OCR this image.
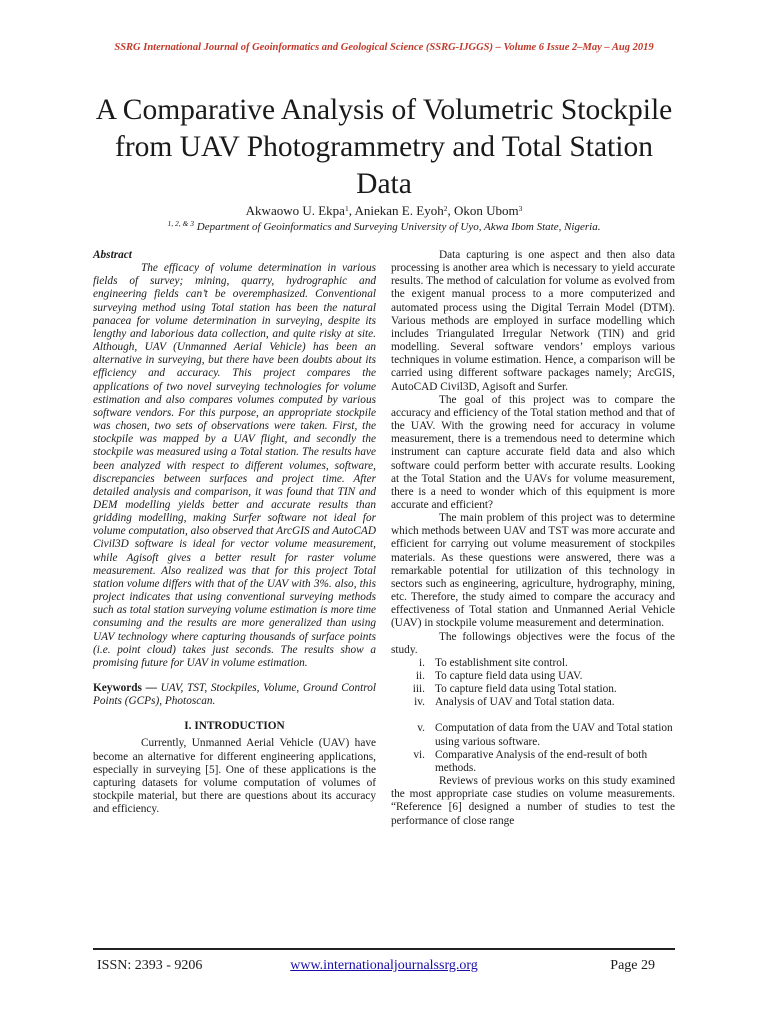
SSRG International Journal of Geoinformatics and Geological Science (SSRG-IJGGS) – Volume 6 Issue 2–May – Aug 2019
A Comparative Analysis of Volumetric Stockpile from UAV Photogrammetry and Total Station Data
Akwaowo U. Ekpa$^1$, Aniekan E. Eyoh$^2$, Okon Ubom$^3$
$^{1, 2, \& 3}$ Department of Geoinformatics and Surveying University of Uyo, Akwa Ibom State, Nigeria.

Abstract

The efficacy of volume determination in various fields of survey; mining, quarry, hydrographic and engineering fields can’t be overemphasized. Conventional surveying method using Total station has been the natural panacea for volume determination in surveying, despite its lengthy and laborious data collection, and quite risky at site. Although, UAV (Unmanned Aerial Vehicle) has been an alternative in surveying, but there have been doubts about its efficiency and accuracy. This project compares the applications of two novel surveying technologies for volume estimation and also compares volumes computed by various software vendors. For this purpose, an appropriate stockpile was chosen, two sets of observations were taken. First, the stockpile was mapped by a UAV flight, and secondly the stockpile was measured using a Total station. The results have been analyzed with respect to different volumes, software, discrepancies between surfaces and project time. After detailed analysis and comparison, it was found that TIN and DEM modelling yields better and accurate results than gridding modelling, making Surfer software not ideal for volume computation, also observed that ArcGIS and AutoCAD Civil3D software is ideal for vector volume measurement, while Agisoft gives a better result for raster volume measurement. Also realized was that for this project Total station volume differs with that of the UAV with 3%. also, this project indicates that using conventional surveying methods such as total station surveying volume estimation is more time consuming and the results are more generalized than using UAV technology where capturing thousands of surface points (i.e. point cloud) takes just seconds. The results show a promising future for UAV in volume estimation.

Keywords — UAV, TST, Stockpiles, Volume, Ground Control Points (GCPs), Photoscan.

I. INTRODUCTION

Currently, Unmanned Aerial Vehicle (UAV) have become an alternative for different engineering applications, especially in surveying [5]. One of these applications is the capturing datasets for volume computation of volumes of stockpile material, but there are questions about its accuracy and efficiency.

Data capturing is one aspect and then also data processing is another area which is necessary to yield accurate results. The method of calculation for volume as evolved from the exigent manual process to a more computerized and automated process using the Digital Terrain Model (DTM). Various methods are employed in surface modelling which includes Triangulated Irregular Network (TIN) and grid modelling. Several software vendors’ employs various techniques in volume estimation. Hence, a comparison will be carried using different software packages namely; ArcGIS, AutoCAD Civil3D, Agisoft and Surfer.

The goal of this project was to compare the accuracy and efficiency of the Total station method and that of the UAV. With the growing need for accuracy in volume measurement, there is a tremendous need to determine which instrument can capture accurate field data and also which software could perform better with accurate results. Looking at the Total Station and the UAVs for volume measurement, there is a need to wonder which of this equipment is more accurate and efficient?

The main problem of this project was to determine which methods between UAV and TST was more accurate and efficient for carrying out volume measurement of stockpiles materials. As these questions were answered, there was a remarkable potential for utilization of this technology in sectors such as engineering, agriculture, hydrography, mining, etc. Therefore, the study aimed to compare the accuracy and effectiveness of Total station and Unmanned Aerial Vehicle (UAV) in stockpile volume measurement and determination.

The followings objectives were the focus of the study.

i. To establishment site control.
ii. To capture field data using UAV.
iii. To capture field data using Total station.
iv. Analysis of UAV and Total station data.
v. Computation of data from the UAV and Total station using various software.
vi. Comparative Analysis of the end-result of both methods.

Reviews of previous works on this study examined the most appropriate case studies on volume measurements. “Reference [6] designed a number of studies to test the performance of close range

ISSN: 2393 - 9206	www.internationaljournalssrg.org	Page 29
